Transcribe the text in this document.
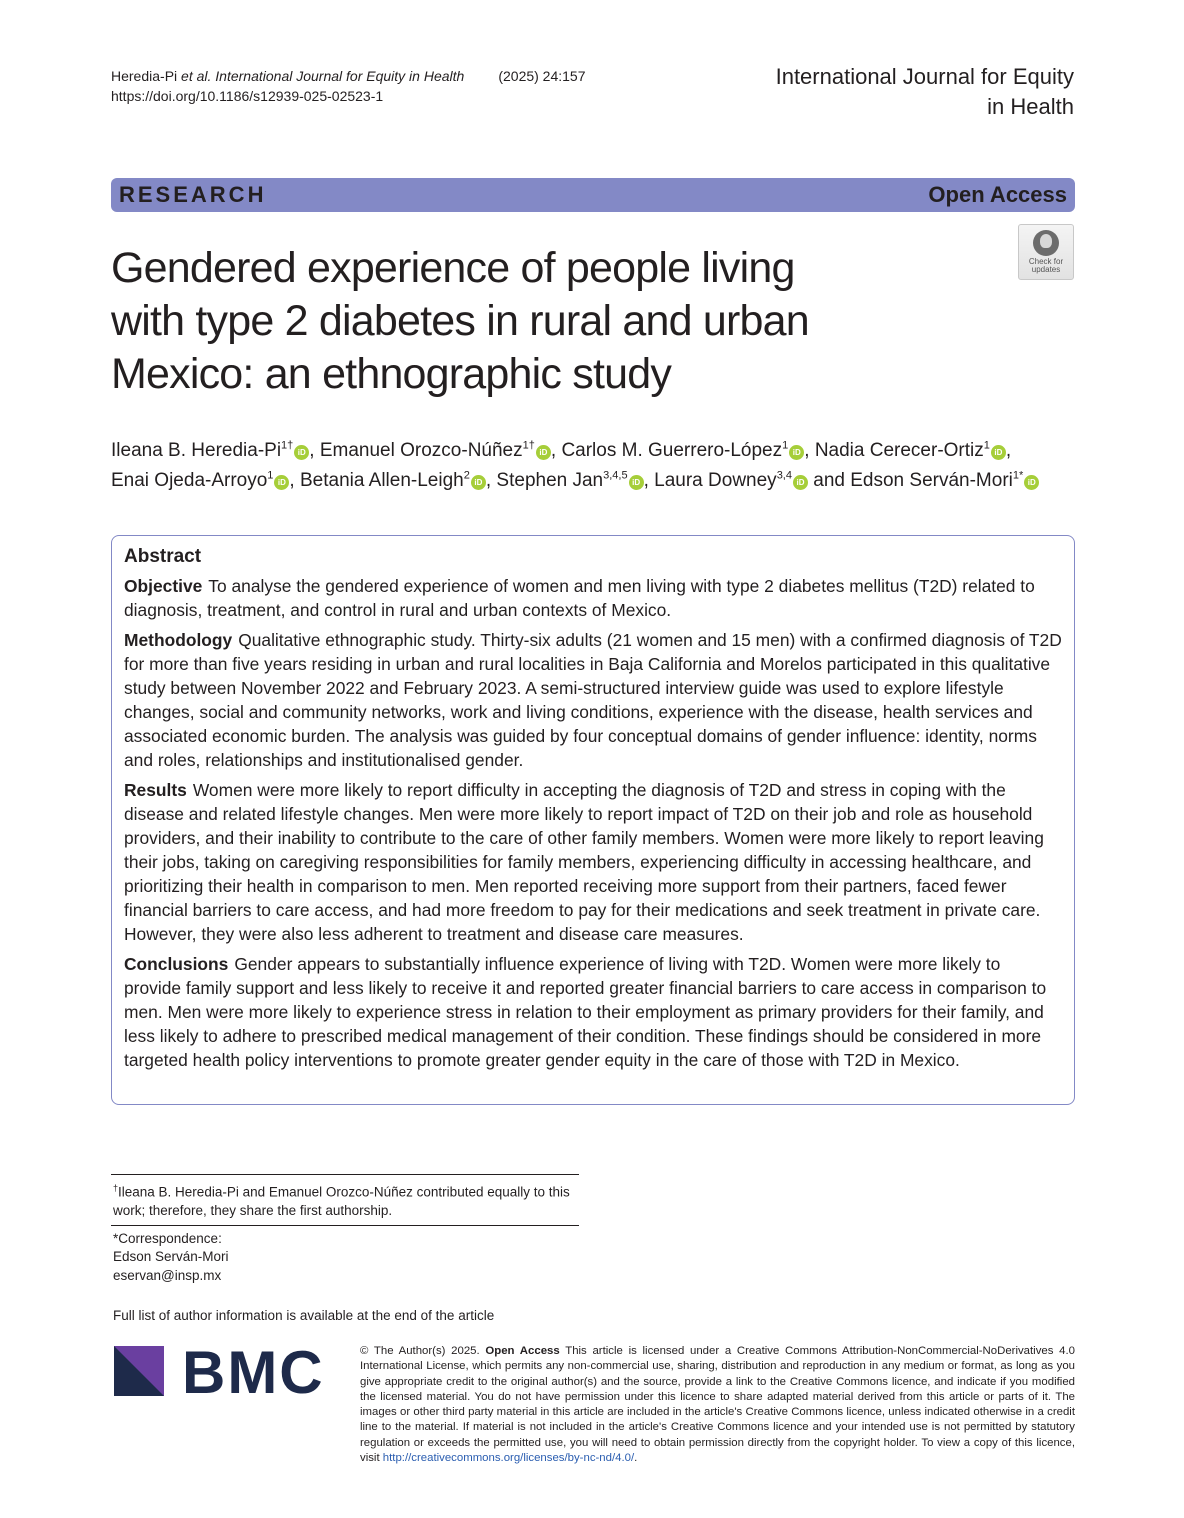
Heredia-Pi et al. International Journal for Equity in Health (2025) 24:157
https://doi.org/10.1186/s12939-025-02523-1
International Journal for Equity
in Health
RESEARCH	Open Access
Check for
updates
Gendered experience of people living
with type 2 diabetes in rural and urban
Mexico: an ethnographic study
Ileana B. Heredia-$Pi^{1\dagger}iD$ , Emanuel Orozco-Núñez$^{1\dagger}$iD , Carlos M. Guerrero-López$^1$iD , Nadia Cerecer-Ortiz$^1$iD ,
Enai Ojeda-Arroyo$^1$iD , Betania Allen-Leigh$^2$iD , Stephen Jan$^{3,4,5}$iD , Laura Downey$^{3,4}$iD and Edson Serván-Mori$^{1*}$iD
Abstract

Objective To analyse the gendered experience of women and men living with type 2 diabetes mellitus (T2D) related to diagnosis, treatment, and control in rural and urban contexts of Mexico.

Methodology Qualitative ethnographic study. Thirty-six adults (21 women and 15 men) with a confirmed diagnosis of T2D for more than five years residing in urban and rural localities in Baja California and Morelos participated in this qualitative study between November 2022 and February 2023. A semi-structured interview guide was used to explore lifestyle changes, social and community networks, work and living conditions, experience with the disease, health services and associated economic burden. The analysis was guided by four conceptual domains of gender influence: identity, norms and roles, relationships and institutionalised gender.

Results Women were more likely to report difficulty in accepting the diagnosis of T2D and stress in coping with the disease and related lifestyle changes. Men were more likely to report impact of T2D on their job and role as household providers, and their inability to contribute to the care of other family members. Women were more likely to report leaving their jobs, taking on caregiving responsibilities for family members, experiencing difficulty in accessing healthcare, and prioritizing their health in comparison to men. Men reported receiving more support from their partners, faced fewer financial barriers to care access, and had more freedom to pay for their medications and seek treatment in private care. However, they were also less adherent to treatment and disease care measures.

Conclusions Gender appears to substantially influence experience of living with T2D. Women were more likely to provide family support and less likely to receive it and reported greater financial barriers to care access in comparison to men. Men were more likely to experience stress in relation to their employment as primary providers for their family, and less likely to adhere to prescribed medical management of their condition. These findings should be considered in more targeted health policy interventions to promote greater gender equity in the care of those with T2D in Mexico.

†Ileana B. Heredia-Pi and Emanuel Orozco-Núñez contributed equally to this work; therefore, they share the first authorship.
*Correspondence:
Edson Serván-Mori
eservan@insp.mx
Full list of author information is available at the end of the article
BMC	© The Author(s) 2025. Open Access This article is licensed under a Creative Commons Attribution-NonCommercial-NoDerivatives 4.0 International License, which permits any non-commercial use, sharing, distribution and reproduction in any medium or format, as long as you give appropriate credit to the original author(s) and the source, provide a link to the Creative Commons licence, and indicate if you modified the licensed material. You do not have permission under this licence to share adapted material derived from this article or parts of it. The images or other third party material in this article are included in the article's Creative Commons licence, unless indicated otherwise in a credit line to the material. If material is not included in the article's Creative Commons licence and your intended use is not permitted by statutory regulation or exceeds the permitted use, you will need to obtain permission directly from the copyright holder. To view a copy of this licence, visit http://creativecommons.org/licenses/by-nc-nd/4.0/.
